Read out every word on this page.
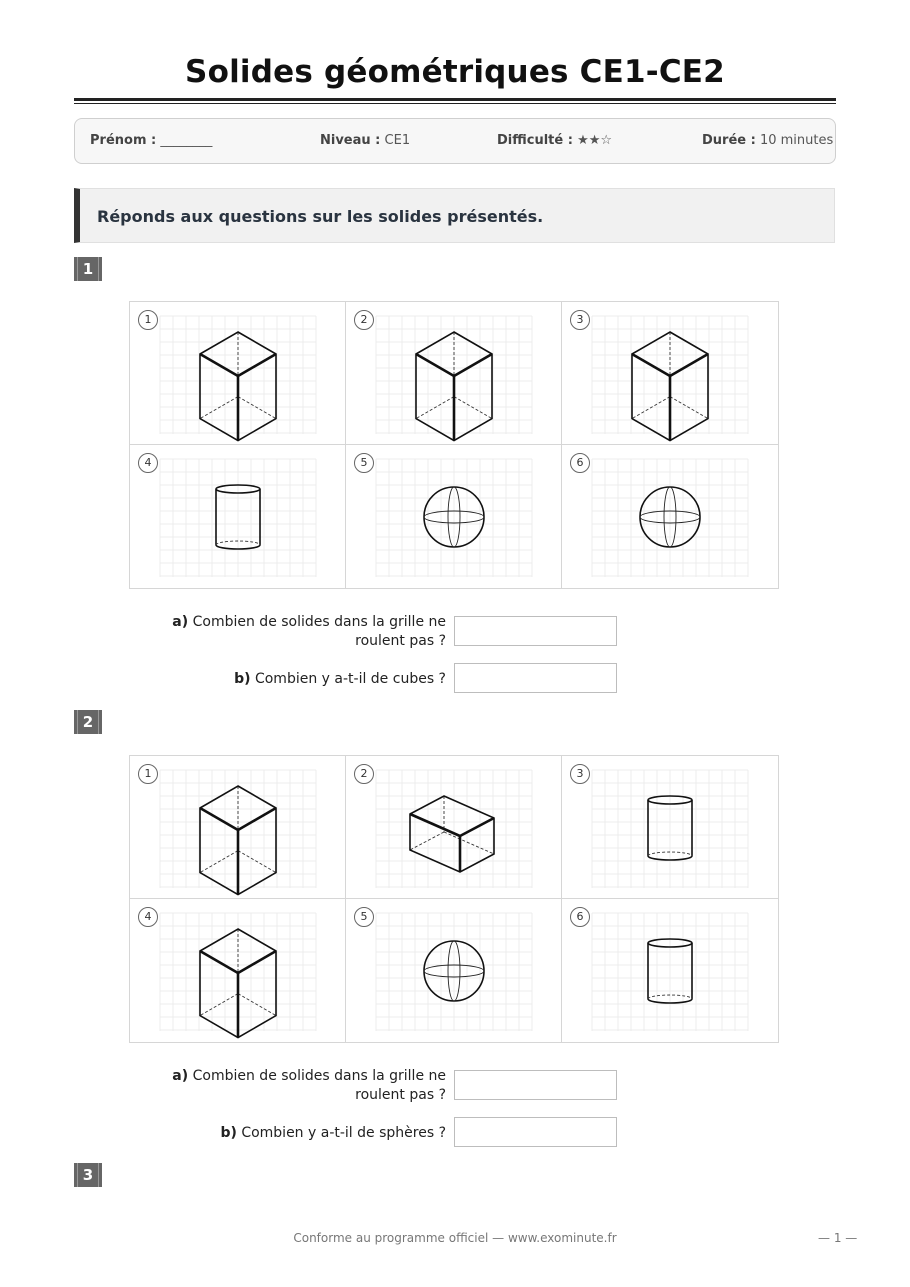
Solides géométriques CE1-CE2
Prénom : ________	Niveau : CE1	Difficulté : ★★☆	Durée : 10 minutes
Réponds aux questions sur les solides présentés.
1
1	2	3
4	5	6
a) Combien de solides dans la grille ne
roulent pas ?
b) Combien y a-t-il de cubes ?
2
1	2	3
4	5	6
a) Combien de solides dans la grille ne
roulent pas ?
b) Combien y a-t-il de sphères ?
3
Conforme au programme officiel — www.exominute.fr	— 1 —
